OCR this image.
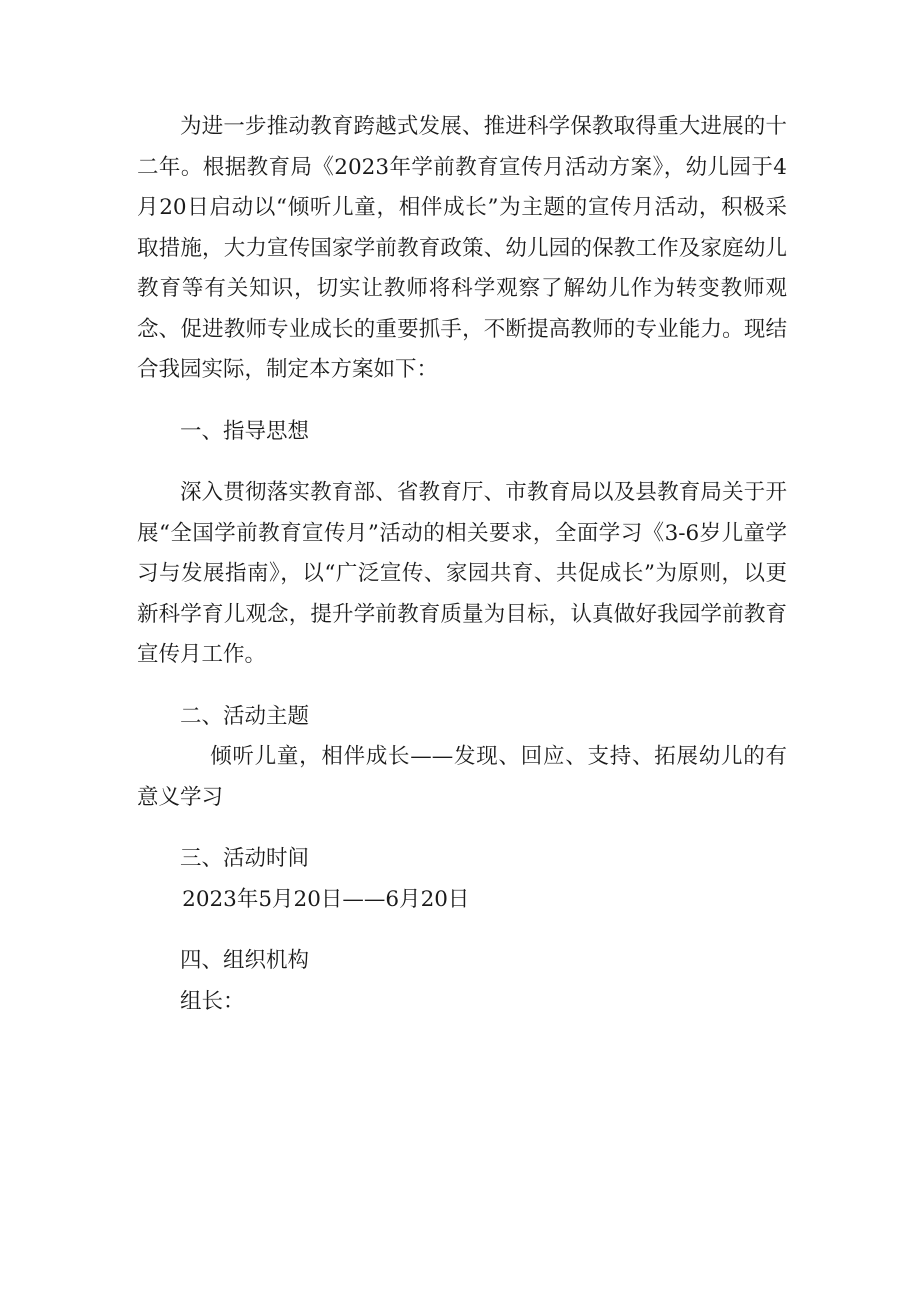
为进一步推动教育跨越式发展、推进科学保教取得重大进展的十二年。根据教育局《2023年学前教育宣传月活动方案》，幼儿园于4月20日启动以“倾听儿童，相伴成长”为主题的宣传月活动，积极采取措施，大力宣传国家学前教育政策、幼儿园的保教工作及家庭幼儿教育等有关知识，切实让教师将科学观察了解幼儿作为转变教师观念、促进教师专业成长的重要抓手，不断提高教师的专业能力。现结合我园实际，制定本方案如下：

一、指导思想

深入贯彻落实教育部、省教育厅、市教育局以及县教育局关于开展“全国学前教育宣传月”活动的相关要求，全面学习《3-6岁儿童学习与发展指南》，以“广泛宣传、家园共育、共促成长”为原则，以更新科学育儿观念，提升学前教育质量为目标，认真做好我园学前教育宣传月工作。

二、活动主题

倾听儿童，相伴成长——发现、回应、支持、拓展幼儿的有意义学习

三、活动时间

2023年5月20日——6月20日

四、组织机构

组长：
